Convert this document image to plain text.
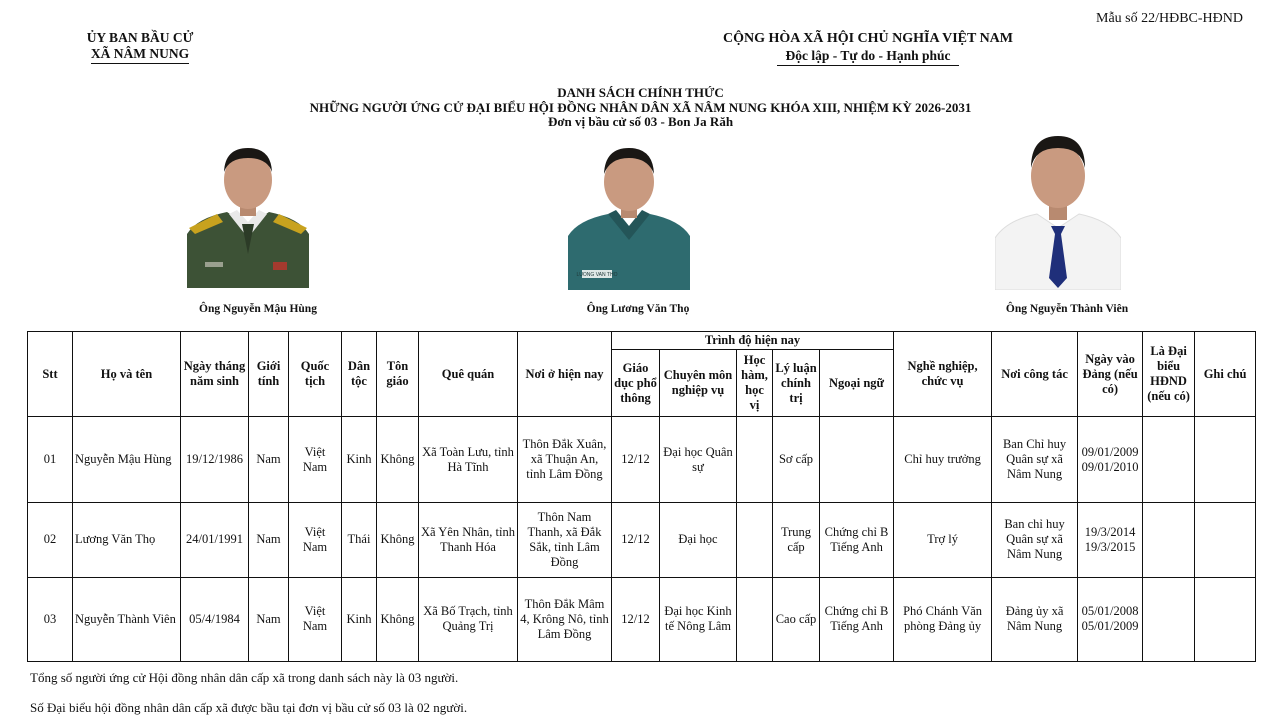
Mẫu số 22/HĐBC-HĐND
ỦY BAN BẦU CỬ
XÃ NÂM NUNG
CỘNG HÒA XÃ HỘI CHỦ NGHĨA VIỆT NAM
Độc lập - Tự do - Hạnh phúc
DANH SÁCH CHÍNH THỨC
NHỮNG NGƯỜI ỨNG CỬ ĐẠI BIỂU HỘI ĐỒNG NHÂN DÂN XÃ NÂM NUNG KHÓA XIII, NHIỆM KỲ 2026-2031
Đơn vị bầu cử số 03 - Bon Ja Răh
LUONG VAN THO
Ông Nguyễn Mậu Hùng	Ông Lương Văn Thọ	Ông Nguyễn Thành Viên
Stt	Họ và tên	Ngày tháng năm sinh	Giới tính	Quốc tịch	Dân tộc	Tôn giáo	Quê quán	Nơi ở hiện nay	Trình độ hiện nay					Nghề nghiệp, chức vụ	Nơi công tác	Ngày vào Đảng (nếu có)	Là Đại biểu HĐND (nếu có)	Ghi chú
									Giáo dục phổ thông	Chuyên môn nghiệp vụ	Học hàm, học vị	Lý luận chính trị	Ngoại ngữ					
01	Nguyễn Mậu Hùng	19/12/1986	Nam	Việt Nam	Kinh	Không	Xã Toàn Lưu, tỉnh Hà Tĩnh	Thôn Đắk Xuân, xã Thuận An, tỉnh Lâm Đồng	12/12	Đại học Quân sự		Sơ cấp		Chỉ huy trưởng	Ban Chỉ huy Quân sự xã Nâm Nung	09/01/2009
09/01/2010		

02	Lương Văn Thọ	24/01/1991	Nam	Việt Nam	Thái	Không	Xã Yên Nhân, tỉnh Thanh Hóa	Thôn Nam Thanh, xã Đắk Sắk, tỉnh Lâm Đồng	12/12	Đại học		Trung cấp	Chứng chỉ B Tiếng Anh	Trợ lý	Ban chỉ huy Quân sự xã Nâm Nung	19/3/2014
19/3/2015		

03	Nguyễn Thành Viên	05/4/1984	Nam	Việt Nam	Kinh	Không	Xã Bố Trạch, tỉnh Quảng Trị	Thôn Đắk Mâm 4, Krông Nô, tỉnh Lâm Đồng	12/12	Đại học Kinh tế Nông Lâm		Cao cấp	Chứng chỉ B Tiếng Anh	Phó Chánh Văn phòng Đảng ủy	Đảng ủy xã Nâm Nung	05/01/2008
05/01/2009		

Tổng số người ứng cử Hội đồng nhân dân cấp xã trong danh sách này là 03 người.
Số Đại biểu hội đồng nhân dân cấp xã được bầu tại đơn vị bầu cử số 03 là 02 người.
